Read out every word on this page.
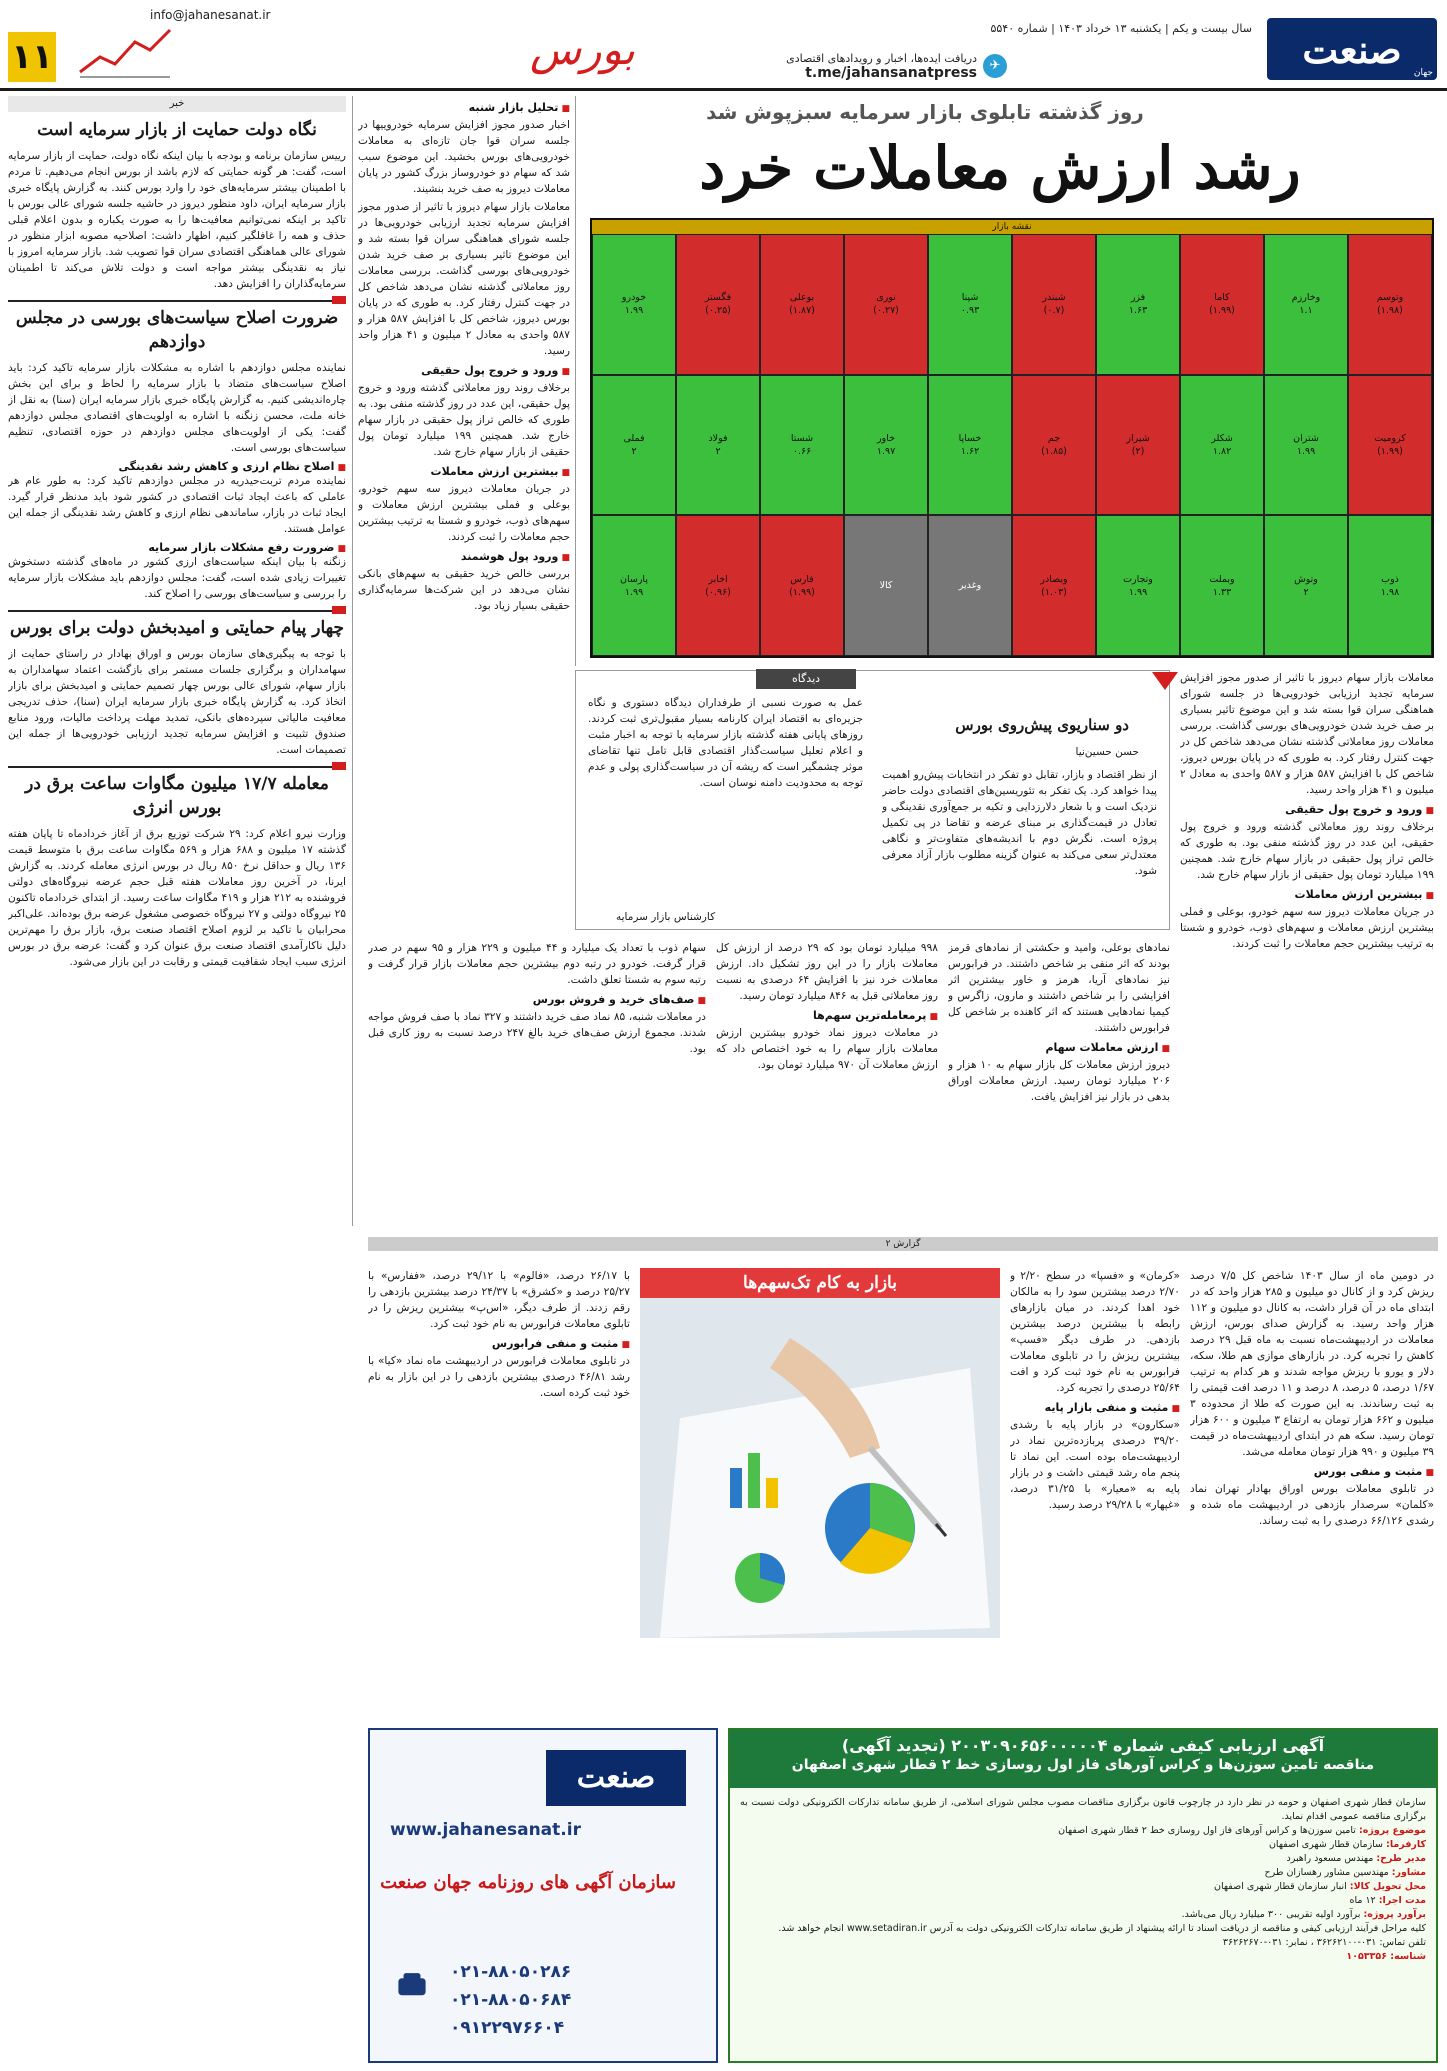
صنعت
جهان
سال بیست و یکم | یکشنبه ۱۳ خرداد ۱۴۰۳ | شماره ۵۵۴۰
✈
دریافت ایده‌ها، اخبار و رویدادهای اقتصادی
t.me/jahansanatpress
بورس
info@jahanesanat.ir
۱۱
روز گذشته تابلوی بازار سرمایه سبزپوش شد
رشد ارزش معاملات خرد
نقشه بازار
وتوسم
(۱.۹۸)
وخارزم
۱.۱
کاما
(۱.۹۹)
فزر
۱.۶۳
شبندر
(۰.۷)
شپنا
۰.۹۳
نوری
(۰.۲۷)
بوعلی
(۱.۸۷)
فگستر
(۰.۲۵)
خودرو
۱.۹۹
کرومیت
(۱.۹۹)
شتران
۱.۹۹
شکلر
۱.۸۲
شیراز
(۲)
جم
(۱.۸۵)
خساپا
۱.۶۲
خاور
۱.۹۷
شستا
۰.۶۶
فولاد
۲
فملی
۲
ذوب
۱.۹۸
وتوش
۲
وبملت
۱.۳۳
وتجارت
۱.۹۹
وبصادر
(۱.۰۳)
وغدیر
کالا
فارس
(۱.۹۹)
اخابر
(۰.۹۶)
پارسان
۱.۹۹
■ تحلیل بازار شنبه

اخبار صدور مجوز افزایش سرمایه خودروییها در جلسه سران قوا جان تازه‌ای به معاملات خودرویی‌های بورس بخشید. این موضوع سبب شد که سهام دو خودروساز بزرگ کشور در پایان معاملات دیروز به صف خرید بنشیند.

معاملات بازار سهام دیروز با تاثیر از صدور مجوز افزایش سرمایه تجدید ارزیابی خودرویی‌ها در جلسه شورای هماهنگی سران قوا بسته شد و این موضوع تاثیر بسیاری بر صف خرید شدن خودرویی‌های بورسی گذاشت. بررسی معاملات روز معاملاتی گذشته نشان می‌دهد شاخص کل در جهت کنترل رفتار کرد. به طوری که در پایان بورس دیروز، شاخص کل با افزایش ۵۸۷ هزار و ۵۸۷ واحدی به معادل ۲ میلیون و ۴۱ هزار واحد رسید.

■ ورود و خروج پول حقیقی

برخلاف روند روز معاملاتی گذشته ورود و خروج پول حقیقی، این عدد در روز گذشته منفی بود. به طوری که خالص تراز پول حقیقی در بازار سهام خارج شد. همچنین ۱۹۹ میلیارد تومان پول حقیقی از بازار سهام خارج شد.

■ بیشترین ارزش معاملات

در جریان معاملات دیروز سه سهم خودرو، بوعلی و فملی بیشترین ارزش معاملات و سهم‌های ذوب، خودرو و شستا به ترتیب بیشترین حجم معاملات را ثبت کردند.

■ ورود پول هوشمند

بررسی خالص خرید حقیقی به سهم‌های بانکی نشان می‌دهد در این شرکت‌ها سرمایه‌گذاری حقیقی بسیار زیاد بود.

دیدگاه
دو سناریوی پیش‌روی بورس
حسن حسین‌نیا
از نظر اقتصاد و بازار، تقابل دو تفکر در انتخابات پیش‌رو اهمیت پیدا خواهد کرد. یک تفکر به تئوریسین‌های اقتصادی دولت حاضر نزدیک است و با شعار دلارزدایی و تکیه بر جمع‌آوری نقدینگی و تعادل در قیمت‌گذاری بر مبنای عرضه و تقاضا در پی تکمیل پروژه است. نگرش دوم با اندیشه‌های متفاوت‌تر و نگاهی معتدل‌تر سعی می‌کند به عنوان گزینه مطلوب بازار آزاد معرفی شود.
عمل به صورت نسبی از طرفداران دیدگاه دستوری و نگاه جزیره‌ای به اقتصاد ایران کارنامه بسیار مقبول‌تری ثبت کردند. روزهای پایانی هفته گذشته بازار سرمایه با توجه به اخبار مثبت و اعلام تعلیل سیاست‌گذار اقتصادی قابل تامل تنها تقاضای موثر چشمگیر است که ریشه آن در سیاست‌گذاری پولی و عدم توجه به محدودیت دامنه نوسان است.
کارشناس بازار سرمایه

معاملات بازار سهام دیروز با تاثیر از صدور مجوز افزایش سرمایه تجدید ارزیابی خودرویی‌ها در جلسه شورای هماهنگی سران قوا بسته شد و این موضوع تاثیر بسیاری بر صف خرید شدن خودرویی‌های بورسی گذاشت. بررسی معاملات روز معاملاتی گذشته نشان می‌دهد شاخص کل در جهت کنترل رفتار کرد. به طوری که در پایان بورس دیروز، شاخص کل با افزایش ۵۸۷ هزار و ۵۸۷ واحدی به معادل ۲ میلیون و ۴۱ هزار واحد رسید.

■ ورود و خروج پول حقیقی

برخلاف روند روز معاملاتی گذشته ورود و خروج پول حقیقی، این عدد در روز گذشته منفی بود. به طوری که خالص تراز پول حقیقی در بازار سهام خارج شد. همچنین ۱۹۹ میلیارد تومان پول حقیقی از بازار سهام خارج شد.

■ بیشترین ارزش معاملات

در جریان معاملات دیروز سه سهم خودرو، بوعلی و فملی بیشترین ارزش معاملات و سهم‌های ذوب، خودرو و شستا به ترتیب بیشترین حجم معاملات را ثبت کردند.

نمادهای بوعلی، وامید و حکشتی از نمادهای قرمز بودند که اثر منفی بر شاخص داشتند. در فرابورس نیز نمادهای آریا، هرمز و خاور بیشترین اثر افزایشی را بر شاخص داشتند و مارون، زاگرس و کیمیا نمادهایی هستند که اثر کاهنده بر شاخص کل فرابورس داشتند.

■ ارزش معاملات سهام

دیروز ارزش معاملات کل بازار سهام به ۱۰ هزار و ۲۰۶ میلیارد تومان رسید. ارزش معاملات اوراق بدهی در بازار نیز افزایش یافت.

۹۹۸ میلیارد تومان بود که ۲۹ درصد از ارزش کل معاملات بازار را در این روز تشکیل داد. ارزش معاملات خرد نیز با افزایش ۶۴ درصدی به نسبت روز معاملاتی قبل به ۸۴۶ میلیارد تومان رسید.

■ پرمعامله‌ترین سهم‌ها

در معاملات دیروز نماد خودرو بیشترین ارزش معاملات بازار سهام را به خود اختصاص داد که ارزش معاملات آن ۹۷۰ میلیارد تومان بود.

سهام ذوب با تعداد یک میلیارد و ۴۴ میلیون و ۲۲۹ هزار و ۹۵ سهم در صدر قرار گرفت. خودرو در رتبه دوم بیشترین حجم معاملات بازار قرار گرفت و رتبه سوم به شستا تعلق داشت.

■ صف‌های خرید و فروش بورس

در معاملات شنبه، ۸۵ نماد صف خرید داشتند و ۳۲۷ نماد با صف فروش مواجه شدند. مجموع ارزش صف‌های خرید بالغ ۲۴۷ درصد نسبت به روز کاری قبل بود.

خبر
نگاه دولت حمایت از بازار سرمایه است
رییس سازمان برنامه و بودجه با بیان اینکه نگاه دولت، حمایت از بازار سرمایه است، گفت: هر گونه حمایتی که لازم باشد از بورس انجام می‌دهیم. تا مردم با اطمینان بیشتر سرمایه‌های خود را وارد بورس کنند. به گزارش پایگاه خبری بازار سرمایه ایران، داود منظور دیروز در حاشیه جلسه شورای عالی بورس با تاکید بر اینکه نمی‌توانیم معافیت‌ها را به صورت یکباره و بدون اعلام قبلی حذف و همه را غافلگیر کنیم، اظهار داشت: اصلاحیه مصوبه ابزار منظور در شورای عالی هماهنگی اقتصادی سران قوا تصویب شد. بازار سرمایه امروز با نیاز به نقدینگی بیشتر مواجه است و دولت تلاش می‌کند تا اطمینان سرمایه‌گذاران را افزایش دهد.
ضرورت اصلاح سیاست‌های بورسی در مجلس دوازدهم
نماینده مجلس دوازدهم با اشاره به مشکلات بازار سرمایه تاکید کرد: باید اصلاح سیاست‌های متضاد با بازار سرمایه را لحاظ و برای این بخش چاره‌اندیشی کنیم. به گزارش پایگاه خبری بازار سرمایه ایران (سنا) به نقل از خانه ملت، محسن زنگنه با اشاره به اولویت‌های اقتصادی مجلس دوازدهم گفت: یکی از اولویت‌های مجلس دوازدهم در حوزه اقتصادی، تنظیم سیاست‌های بورسی است.
■ اصلاح نظام ارزی و کاهش رشد نقدینگی
نماینده مردم تربت‌حیدریه در مجلس دوازدهم تاکید کرد: به طور عام هر عاملی که باعث ایجاد ثبات اقتصادی در کشور شود باید مدنظر قرار گیرد. ایجاد ثبات در بازار، ساماندهی نظام ارزی و کاهش رشد نقدینگی از جمله این عوامل هستند.
■ ضرورت رفع مشکلات بازار سرمایه
زنگنه با بیان اینکه سیاست‌های ارزی کشور در ماه‌های گذشته دستخوش تغییرات زیادی شده است، گفت: مجلس دوازدهم باید مشکلات بازار سرمایه را بررسی و سیاست‌های بورسی را اصلاح کند.
چهار پیام حمایتی و امیدبخش دولت برای بورس
با توجه به پیگیری‌های سازمان بورس و اوراق بهادار در راستای حمایت از سهامداران و برگزاری جلسات مستمر برای بازگشت اعتماد سهامداران به بازار سهام، شورای عالی بورس چهار تصمیم حمایتی و امیدبخش برای بازار اتخاذ کرد. به گزارش پایگاه خبری بازار سرمایه ایران (سنا)، حذف تدریجی معافیت مالیاتی سپرده‌های بانکی، تمدید مهلت پرداخت مالیات، ورود منابع صندوق تثبیت و افزایش سرمایه تجدید ارزیابی خودرویی‌ها از جمله این تصمیمات است.
معامله ۱۷/۷ میلیون مگاوات ساعت برق در بورس انرژی
وزارت نیرو اعلام کرد: ۲۹ شرکت توزیع برق از آغاز خردادماه تا پایان هفته گذشته ۱۷ میلیون و ۶۸۸ هزار و ۵۶۹ مگاوات ساعت برق با متوسط قیمت ۱۳۶ ریال و حداقل نرخ ۸۵۰ ریال در بورس انرژی معامله کردند. به گزارش ایرنا، در آخرین روز معاملات هفته قبل حجم عرضه نیروگاه‌های دولتی فروشنده به ۲۱۲ هزار و ۴۱۹ مگاوات ساعت رسید. از ابتدای خردادماه تاکنون ۲۵ نیروگاه دولتی و ۲۷ نیروگاه خصوصی مشغول عرضه برق بوده‌اند. علی‌اکبر محرابیان با تاکید بر لزوم اصلاح اقتصاد صنعت برق، بازار برق را مهم‌ترین دلیل ناکارآمدی اقتصاد صنعت برق عنوان کرد و گفت: عرضه برق در بورس انرژی سبب ایجاد شفافیت قیمتی و رقابت در این بازار می‌شود.
گزارش ۲

در دومین ماه از سال ۱۴۰۳ شاخص کل ۷/۵ درصد ریزش کرد و از کانال دو میلیون و ۲۸۵ هزار واحد که در ابتدای ماه در آن قرار داشت، به کانال دو میلیون و ۱۱۲ هزار واحد رسید. به گزارش صدای بورس، ارزش معاملات در اردیبهشت‌ماه نسبت به ماه قبل ۲۹ درصد کاهش را تجربه کرد. در بازارهای موازی هم طلا، سکه، دلار و یورو با ریزش مواجه شدند و هر کدام به ترتیب ۱/۶۷ درصد، ۵ درصد، ۸ درصد و ۱۱ درصد افت قیمتی را به ثبت رساندند. به این صورت که طلا از محدوده ۳ میلیون و ۶۶۲ هزار تومان به ارتفاع ۳ میلیون و ۶۰۰ هزار تومان رسید. سکه هم در ابتدای اردیبهشت‌ماه در قیمت ۳۹ میلیون و ۹۹۰ هزار تومان معامله می‌شد.

■ مثبت و منفی بورس

در تابلوی معاملات بورس اوراق بهادار تهران نماد «کلمان» سرصدار بازدهی در اردیبهشت ماه شده و رشدی ۶۶/۱۲۶ درصدی را به ثبت رساند.

«کرمان» و «فسپا» در سطح ۲/۲۰ و ۲/۷۰ درصد بیشترین سود را به مالکان خود اهدا کردند. در میان بازارهای رابطه با بیشترین درصد بیشترین بازدهی. در طرف دیگر «فسپ» بیشترین ریزش را در تابلوی معاملات فرابورس به نام خود ثبت کرد و افت ۲۵/۶۴ درصدی را تجربه کرد.

■ مثبت و منفی بازار پایه

«سکارون» در بازار پایه با رشدی ۳۹/۲۰ درصدی پربازده‌ترین نماد در اردیبهشت‌ماه بوده است. این نماد تا پنجم ماه رشد قیمتی داشت و در بازار پایه به «معیار» با ۳۱/۲۵ درصد، «غپهار» با ۲۹/۲۸ درصد رسید.

با ۲۶/۱۷ درصد، «فالوم» با ۲۹/۱۲ درصد، «ففارس» با ۲۵/۲۷ درصد و «کشرق» با ۲۴/۳۷ درصد بیشترین بازدهی را رقم زدند. از طرف دیگر، «اس‌پ» بیشترین ریزش را در تابلوی معاملات فرابورس به نام خود ثبت کرد.

■ مثبت و منفی فرابورس

در تابلوی معاملات فرابورس در اردیبهشت ماه نماد «کیا» با رشد ۴۶/۸۱ درصدی بیشترین بازدهی را در این بازار به نام خود ثبت کرده است.

بازار به کام تک‌سهم‌ها
صنعت
www.jahanesanat.ir
سازمان آگهی های روزنامه جهان صنعت
۰۲۱-۸۸۰۵۰۲۸۶
۰۲۱-۸۸۰۵۰۶۸۴
۰۹۱۲۲۹۷۶۶۰۴
آگهی ارزیابی کیفی شماره ۲۰۰۳۰۹۰۶۵۶۰۰۰۰۰۴ (تجدید آگهی)
مناقصه تامین سوزن‌ها و کراس آورهای فاز اول روسازی خط ۲ قطار شهری اصفهان

سازمان قطار شهری اصفهان و حومه در نظر دارد در چارچوب قانون برگزاری مناقصات مصوب مجلس شورای اسلامی، از طریق سامانه تدارکات الکترونیکی دولت نسبت به برگزاری مناقصه عمومی اقدام نماید.

موضوع پروژه: تامین سوزن‌ها و کراس آورهای فاز اول روسازی خط ۲ قطار شهری اصفهان

کارفرما: سازمان قطار شهری اصفهان

مدیر طرح: مهندس مسعود راهبرد

مشاور: مهندسین مشاور رهسازان طرح

محل تحویل کالا: انبار سازمان قطار شهری اصفهان

مدت اجرا: ۱۲ ماه

برآورد پروژه: برآورد اولیه تقریبی ۳۰۰ میلیارد ریال می‌باشد.

کلیه مراحل فرآیند ارزیابی کیفی و مناقصه از دریافت اسناد تا ارائه پیشنهاد از طریق سامانه تدارکات الکترونیکی دولت به آدرس www.setadiran.ir انجام خواهد شد.

تلفن تماس: ۰۳۱-۳۶۲۶۲۱۰۰ ، نمابر: ۰۳۱-۳۶۲۶۲۶۷۰

شناسه: ۱۰۵۳۳۵۶
